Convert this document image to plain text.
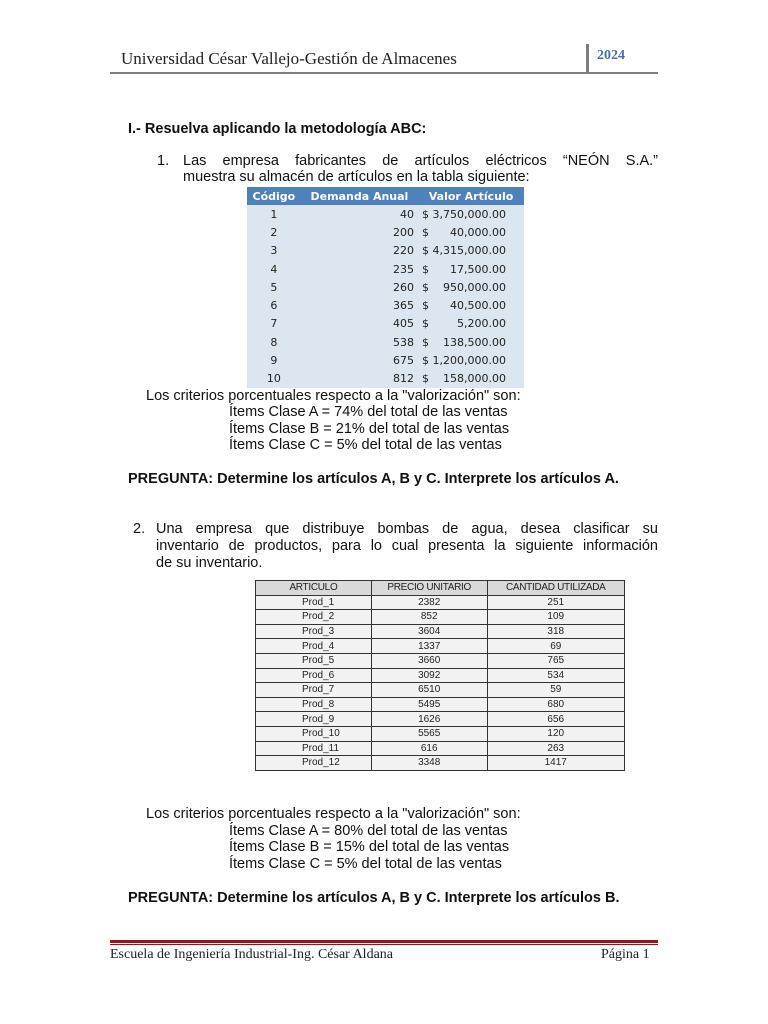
Universidad César Vallejo-Gestión de Almacenes	2024
I.- Resuelva aplicando la metodología ABC:
1. Las empresa fabricantes de artículos eléctricos “NEÓN S.A.”
muestra su almacén de artículos en la tabla siguiente:
Código	Demanda Anual	Valor Artículo
1	40	$ 3,750,000.00
2	200	$      40,000.00
3	220	$ 4,315,000.00
4	235	$      17,500.00
5	260	$    950,000.00
6	365	$      40,500.00
7	405	$        5,200.00
8	538	$    138,500.00
9	675	$ 1,200,000.00
10	812	$    158,000.00
Los criterios porcentuales respecto a la "valorización" son:
Ítems Clase A = 74% del total de las ventas
Ítems Clase B = 21% del total de las ventas
Ítems Clase C = 5% del total de las ventas
PREGUNTA: Determine los artículos A, B y C. Interprete los artículos A.
2. Una empresa que distribuye bombas de agua, desea clasificar su
inventario de productos, para lo cual presenta la siguiente información
de su inventario.
ARTICULO	PRECIO UNITARIO	CANTIDAD UTILIZADA
Prod_1	2382	251
Prod_2	852	109
Prod_3	3604	318
Prod_4	1337	69
Prod_5	3660	765
Prod_6	3092	534
Prod_7	6510	59
Prod_8	5495	680
Prod_9	1626	656
Prod_10	5565	120
Prod_11	616	263
Prod_12	3348	1417
Los criterios porcentuales respecto a la "valorización" son:
Ítems Clase A = 80% del total de las ventas
Ítems Clase B = 15% del total de las ventas
Ítems Clase C = 5% del total de las ventas
PREGUNTA: Determine los artículos A, B y C. Interprete los artículos B.
Escuela de Ingeniería Industrial-Ing. César Aldana	Página 1
